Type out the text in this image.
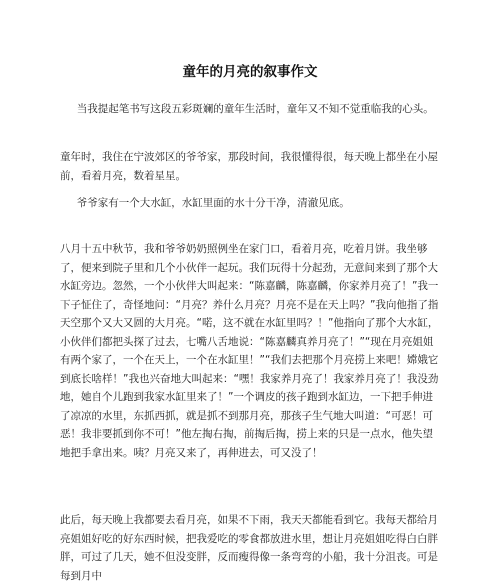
童年的月亮的叙事作文

当我提起笔书写这段五彩斑斓的童年生活时，童年又不知不觉重临我的心头。

童年时，我住在宁波郊区的爷爷家，那段时间，我很懂得很，每天晚上都坐在小屋前，看着月亮，数着星星。

爷爷家有一个大水缸，水缸里面的水十分干净，清澈见底。

八月十五中秋节，我和爷爷奶奶照例坐在家门口，看着月亮，吃着月饼。我坐够了，便来到院子里和几个小伙伴一起玩。我们玩得十分起劲，无意间来到了那个大水缸旁边。忽然，一个小伙伴大叫起来：“陈嘉麟，陈嘉麟，你家养月亮了！”我一下子怔住了，奇怪地问：“月亮？养什么月亮？月亮不是在天上吗？”我向他指了指天空那个又大又圆的大月亮。“喏，这不就在水缸里吗？！”他指向了那个大水缸，小伙伴们都把头探了过去，七嘴八舌地说：“陈嘉麟真养月亮了！”“现在月亮姐姐有两个家了，一个在天上，一个在水缸里！”“我们去把那个月亮捞上来吧！嫦娥它到底长啥样！”我也兴奋地大叫起来：“嘿！我家养月亮了！我家养月亮了！我没劲地，她自个儿跑到我家水缸里来了！”一个调皮的孩子跑到水缸边，一下把手伸进了凉凉的水里，东抓西抓，就是抓不到那月亮，那孩子生气地大叫道：“可恶！可恶！我非要抓到你不可！”他左掏右掏，前掏后掏，捞上来的只是一点水，他失望地把手拿出来。咦？月亮又来了，再伸进去，可又没了！

此后，每天晚上我都要去看月亮，如果不下雨，我天天都能看到它。我每天都给月亮姐姐好吃的好东西时候，把我爱吃的零食都放进水里，想让月亮姐姐吃得白白胖胖，可过了几天，她不但没变胖，反而瘦得像一条弯弯的小船，我十分沮丧。可是每到月中
